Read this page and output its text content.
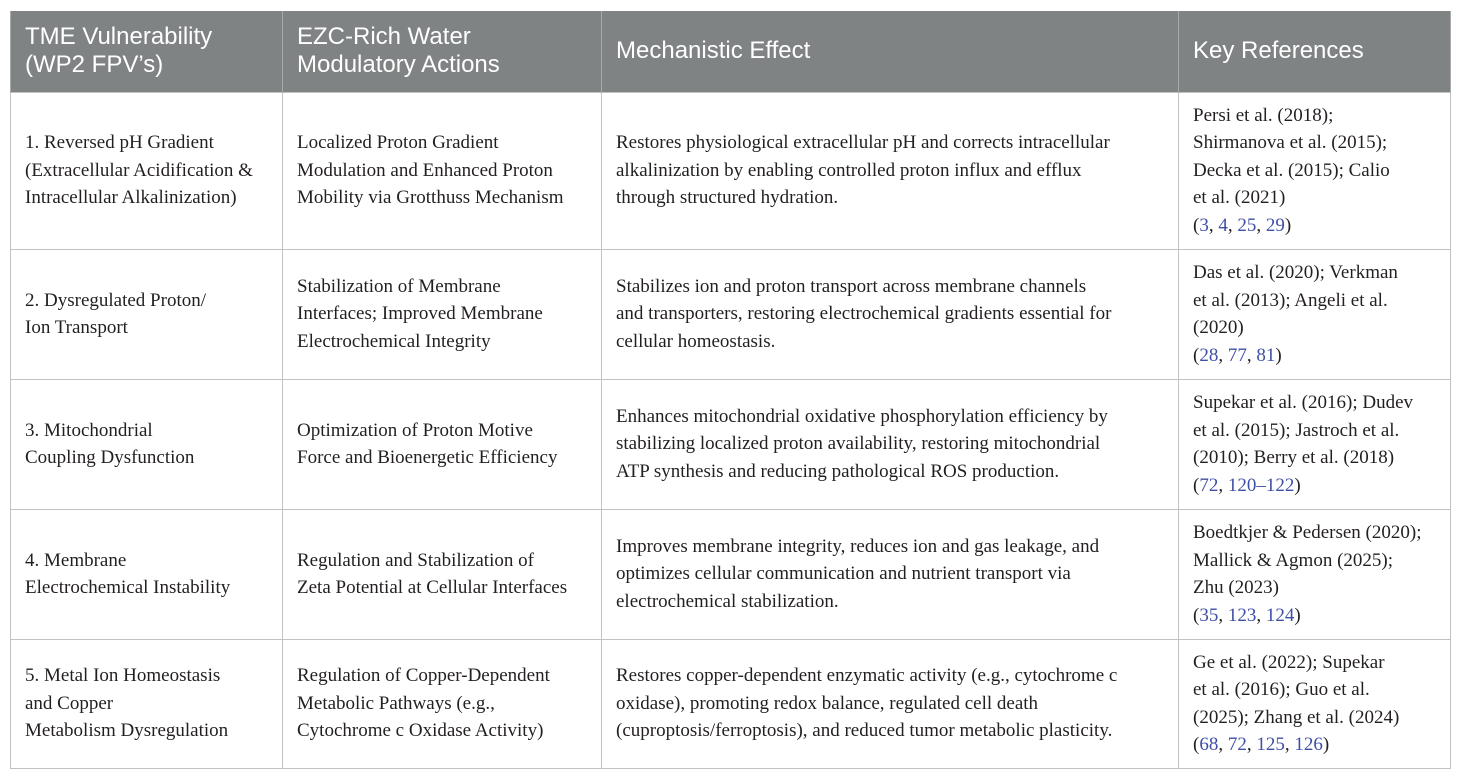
TME Vulnerability
(WP2 FPV’s)	EZC-Rich Water
Modulatory Actions	Mechanistic Effect	Key References

1. Reversed pH Gradient
(Extracellular Acidification &
Intracellular Alkalinization)	Localized Proton Gradient
Modulation and Enhanced Proton
Mobility via Grotthuss Mechanism	Restores physiological extracellular pH and corrects intracellular
alkalinization by enabling controlled proton influx and efflux
through structured hydration.	Persi et al. (2018);
Shirmanova et al. (2015);
Decka et al. (2015); Calio
et al. (2021)
(3, 4, 25, 29)

2. Dysregulated Proton/
Ion Transport	Stabilization of Membrane
Interfaces; Improved Membrane
Electrochemical Integrity	Stabilizes ion and proton transport across membrane channels
and transporters, restoring electrochemical gradients essential for
cellular homeostasis.	Das et al. (2020); Verkman
et al. (2013); Angeli et al.
(2020)
(28, 77, 81)

3. Mitochondrial
Coupling Dysfunction	Optimization of Proton Motive
Force and Bioenergetic Efficiency	Enhances mitochondrial oxidative phosphorylation efficiency by
stabilizing localized proton availability, restoring mitochondrial
ATP synthesis and reducing pathological ROS production.	Supekar et al. (2016); Dudev
et al. (2015); Jastroch et al.
(2010); Berry et al. (2018)
(72, 120–122)

4. Membrane
Electrochemical Instability	Regulation and Stabilization of
Zeta Potential at Cellular Interfaces	Improves membrane integrity, reduces ion and gas leakage, and
optimizes cellular communication and nutrient transport via
electrochemical stabilization.	Boedtkjer & Pedersen (2020);
Mallick & Agmon (2025);
Zhu (2023)
(35, 123, 124)

5. Metal Ion Homeostasis
and Copper
Metabolism Dysregulation	Regulation of Copper-Dependent
Metabolic Pathways (e.g.,
Cytochrome c Oxidase Activity)	Restores copper-dependent enzymatic activity (e.g., cytochrome c
oxidase), promoting redox balance, regulated cell death
(cuproptosis/ferroptosis), and reduced tumor metabolic plasticity.	Ge et al. (2022); Supekar
et al. (2016); Guo et al.
(2025); Zhang et al. (2024)
(68, 72, 125, 126)
